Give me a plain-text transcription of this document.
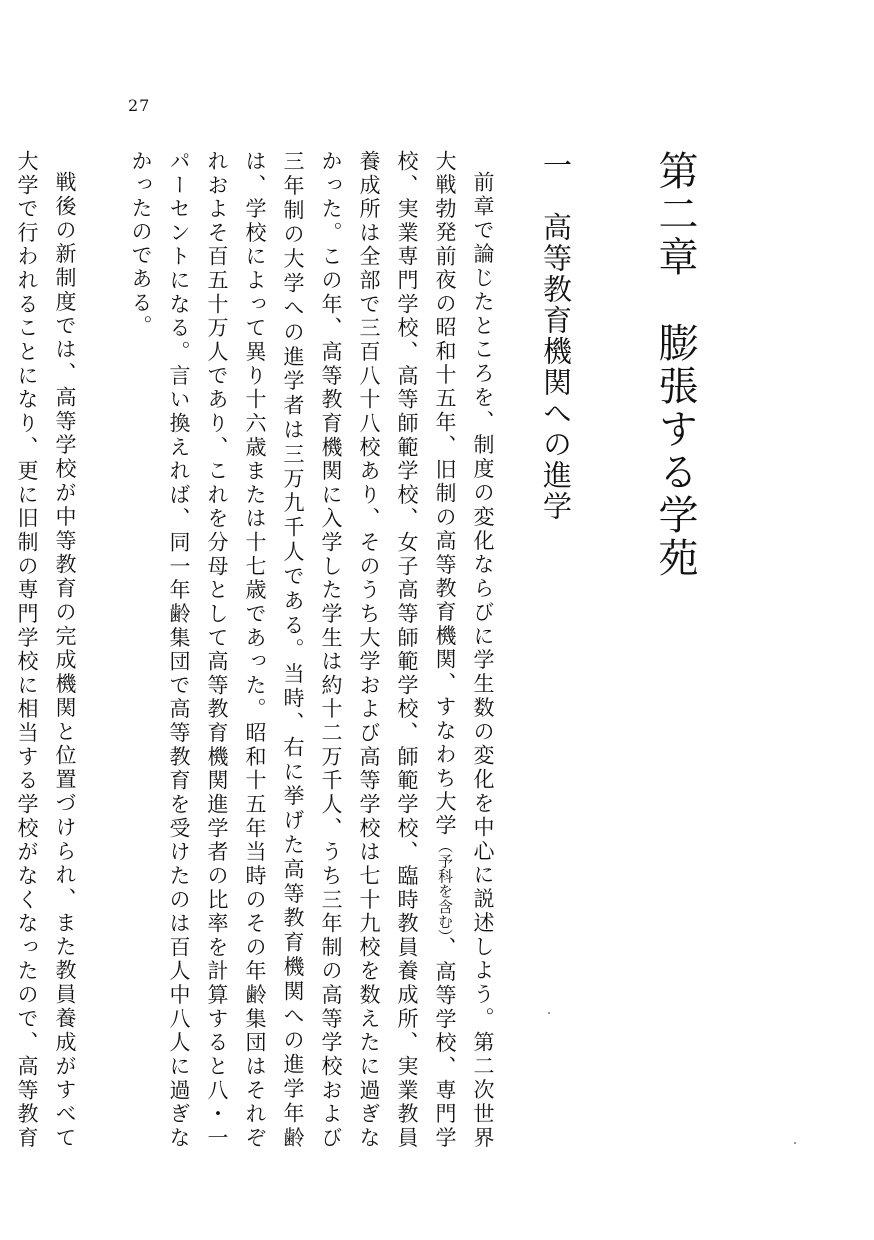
27
第二章　膨張する学苑
一　高等教育機関への進学

前章で論じたところを、制度の変化ならびに学生数の変化を中心に説述しよう。第二次世界大戦勃発前夜の昭和十五年、旧制の高等教育機関、すなわち大学（予科を含む）、高等学校、専門学校、実業専門学校、高等師範学校、女子高等師範学校、師範学校、臨時教員養成所、実業教員養成所は全部で三百八十八校あり、そのうち大学および高等学校は七十九校を数えたに過ぎなかった。この年、高等教育機関に入学した学生は約十二万千人、うち三年制の高等学校および三年制の大学への進学者は三万九千人である。当時、右に挙げた高等教育機関への進学年齢は、学校によって異り十六歳または十七歳であった。昭和十五年当時のその年齢集団はそれぞれおよそ百五十万人であり、これを分母として高等教育機関進学者の比率を計算すると八・一パーセントになる。言い換えれば、同一年齢集団で高等教育を受けたのは百人中八人に過ぎなかったのである。

戦後の新制度では、高等学校が中等教育の完成機関と位置づけられ、また教員養成がすべて大学で行われることになり、更に旧制の専門学校に相当する学校がなくなったので、高等教育
